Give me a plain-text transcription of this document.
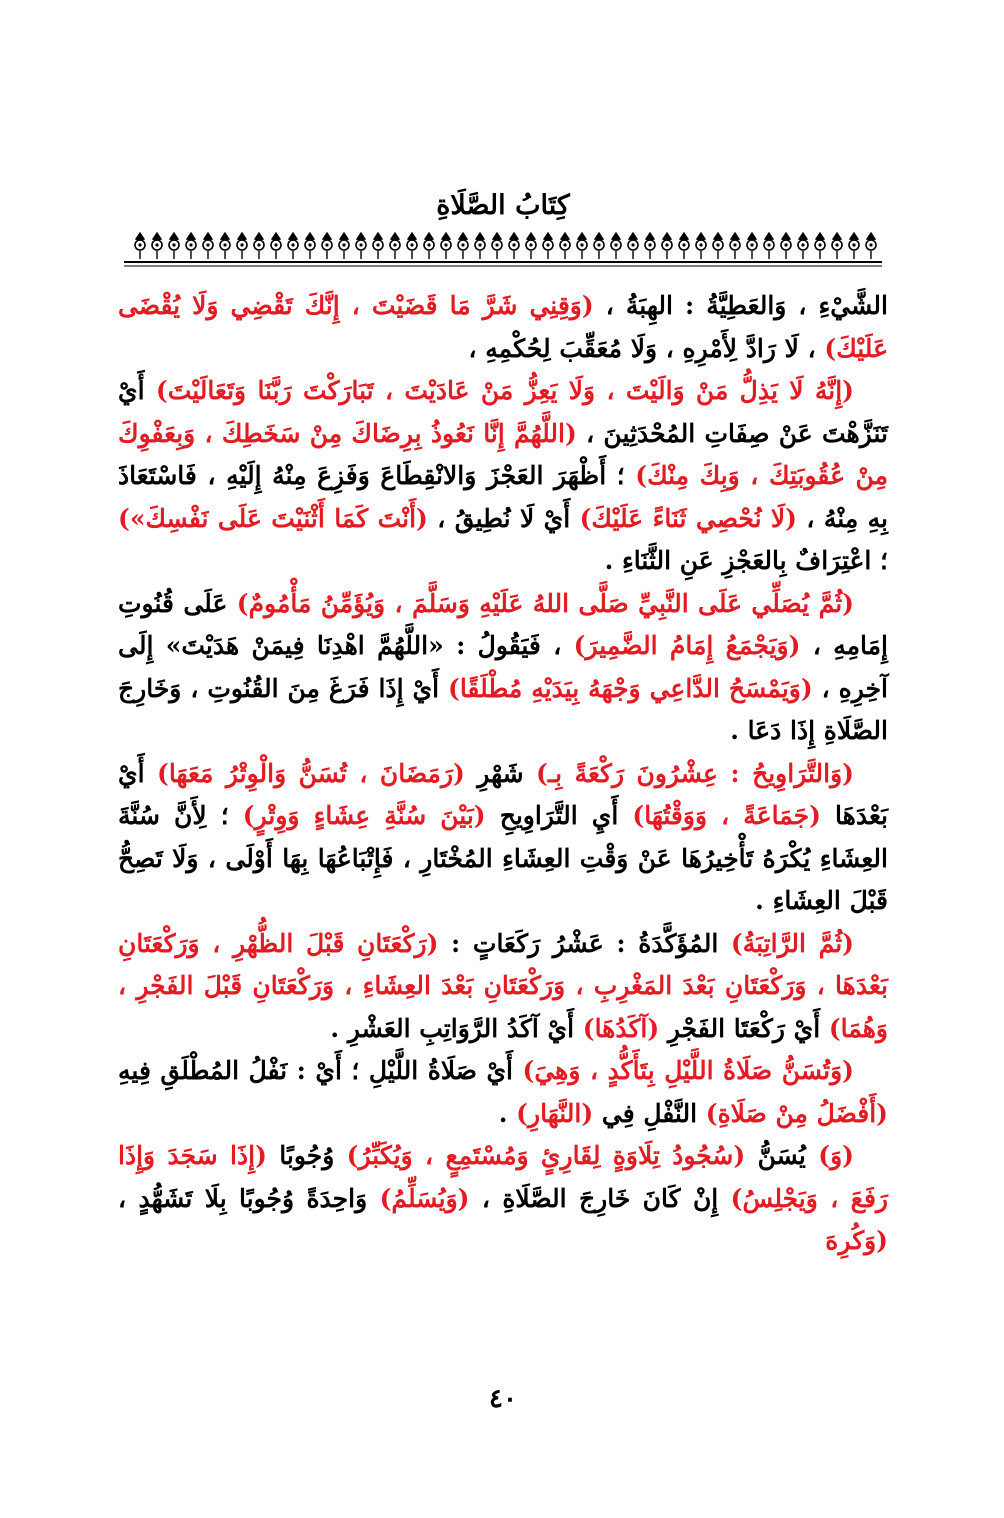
كِتَابُ الصَّلَاةِ

الشَّيْءِ ، وَالعَطِيَّةُ : الهِبَةُ ، (وَقِنِي شَرَّ مَا قَضَيْتَ ، إِنَّكَ تَقْضِي وَلَا يُقْضَى عَلَيْكَ) ، لَا رَادَّ لِأَمْرِهِ ، وَلَا مُعَقِّبَ لِحُكْمِهِ ،

(إِنَّهُ لَا يَذِلُّ مَنْ وَالَيْتَ ، وَلَا يَعِزُّ مَنْ عَادَيْتَ ، تَبَارَكْتَ رَبَّنَا وَتَعَالَيْتَ) أَيْ تَنَزَّهْتَ عَنْ صِفَاتِ المُحْدَثِينَ ، (اللَّهُمَّ إِنَّا نَعُوذُ بِرِضَاكَ مِنْ سَخَطِكَ ، وَبِعَفْوِكَ مِنْ عُقُوبَتِكَ ، وَبِكَ مِنْكَ) ؛ أَظْهَرَ العَجْزَ وَالانْقِطَاعَ وَفَزِعَ مِنْهُ إِلَيْهِ ، فَاسْتَعَاذَ بِهِ مِنْهُ ، (لَا نُحْصِي ثَنَاءً عَلَيْكَ) أَيْ لَا نُطِيقُ ، (أَنْتَ كَمَا أَثْنَيْتَ عَلَى نَفْسِكَ») ؛ اعْتِرَافٌ بِالعَجْزِ عَنِ الثَّنَاءِ .

(ثُمَّ يُصَلِّي عَلَى النَّبِيِّ صَلَّى اللهُ عَلَيْهِ وَسَلَّمَ ، وَيُؤَمِّنُ مَأْمُومٌ) عَلَى قُنُوتِ إِمَامِهِ ، (وَيَجْمَعُ إِمَامُ الضَّمِيرَ) ، فَيَقُولُ : «اللَّهُمَّ اهْدِنَا فِيمَنْ هَدَيْتَ» إِلَى آخِرِهِ ، (وَيَمْسَحُ الدَّاعِي وَجْهَهُ بِيَدَيْهِ مُطْلَقًا) أَيْ إِذَا فَرَغَ مِنَ القُنُوتِ ، وَخَارِجَ الصَّلَاةِ إِذَا دَعَا .

(وَالتَّرَاوِيحُ : عِشْرُونَ رَكْعَةً بِـ) شَهْرِ (رَمَضَانَ ، تُسَنُّ وَالْوِتْرُ مَعَهَا) أَيْ بَعْدَهَا (جَمَاعَةً ، وَوَقْتُهَا) أَيِ التَّرَاوِيحِ (بَيْنَ سُنَّةِ عِشَاءٍ وَوِتْرٍ) ؛ لِأَنَّ سُنَّةَ العِشَاءِ يُكْرَهُ تَأْخِيرُهَا عَنْ وَقْتِ العِشَاءِ المُخْتَارِ ، فَإِتْبَاعُهَا بِهَا أَوْلَى ، وَلَا تَصِحُّ قَبْلَ العِشَاءِ .

(ثُمَّ الرَّاتِبَةُ) المُؤَكَّدَةُ : عَشْرُ رَكَعَاتٍ : (رَكْعَتَانِ قَبْلَ الظُّهْرِ ، وَرَكْعَتَانِ بَعْدَهَا ، وَرَكْعَتَانِ بَعْدَ المَغْرِبِ ، وَرَكْعَتَانِ بَعْدَ العِشَاءِ ، وَرَكْعَتَانِ قَبْلَ الفَجْرِ ، وَهُمَا) أَيْ رَكْعَتَا الفَجْرِ (آكَدُهَا) أَيْ آكَدُ الرَّوَاتِبِ العَشْرِ .

(وَتُسَنُّ صَلَاةُ اللَّيْلِ بِتَأَكُّدٍ ، وَهِيَ) أَيْ صَلَاةُ اللَّيْلِ ؛ أَيْ : نَفْلُ المُطْلَقِ فِيهِ (أَفْضَلُ مِنْ صَلَاةِ) النَّفْلِ فِي (النَّهَارِ) .

(وَ) يُسَنُّ (سُجُودُ تِلَاوَةٍ لِقَارِئٍ وَمُسْتَمِعٍ ، وَيُكَبِّرُ) وُجُوبًا (إِذَا سَجَدَ وَإِذَا رَفَعَ ، وَيَجْلِسُ) إِنْ كَانَ خَارِجَ الصَّلَاةِ ، (وَيُسَلِّمُ) وَاحِدَةً وُجُوبًا بِلَا تَشَهُّدٍ ، (وَكُرِهَ

٤٠
